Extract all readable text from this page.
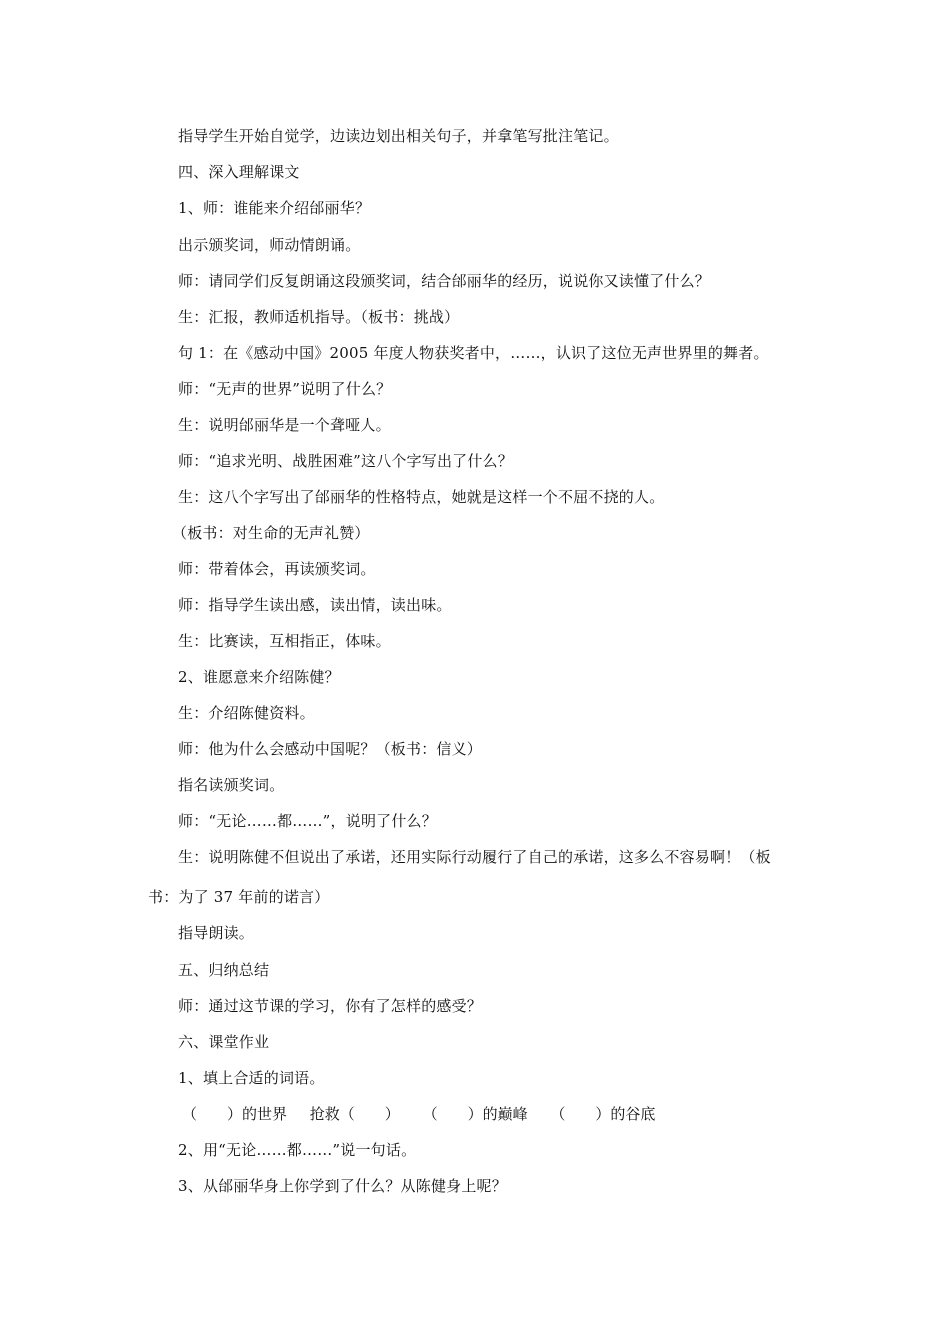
指导学生开始自觉学，边读边划出相关句子，并拿笔写批注笔记。
四、深入理解课文
1、师：谁能来介绍邰丽华？
出示颁奖词，师动情朗诵。
师：请同学们反复朗诵这段颁奖词，结合邰丽华的经历，说说你又读懂了什么？
生：汇报，教师适机指导。（板书：挑战）
句 1：在《感动中国》2005 年度人物获奖者中，……，认识了这位无声世界里的舞者。
师：“无声的世界”说明了什么？
生：说明邰丽华是一个聋哑人。
师：“追求光明、战胜困难”这八个字写出了什么？
生：这八个字写出了邰丽华的性格特点，她就是这样一个不屈不挠的人。
（板书：对生命的无声礼赞）
师：带着体会，再读颁奖词。
师：指导学生读出感，读出情，读出味。
生：比赛读，互相指正，体味。
2、谁愿意来介绍陈健？
生：介绍陈健资料。
师：他为什么会感动中国呢？（板书：信义）
指名读颁奖词。
师：“无论……都……”，说明了什么？
生：说明陈健不但说出了承诺，还用实际行动履行了自己的承诺，这多么不容易啊！（板
书：为了 37 年前的诺言）
指导朗读。
五、归纳总结
师：通过这节课的学习，你有了怎样的感受？
六、课堂作业
1、填上合适的词语。
（　　）的世界 抢救（　　） （　　）的巅峰 （　　）的谷底
2、用“无论……都……”说一句话。
3、从邰丽华身上你学到了什么？从陈健身上呢？
